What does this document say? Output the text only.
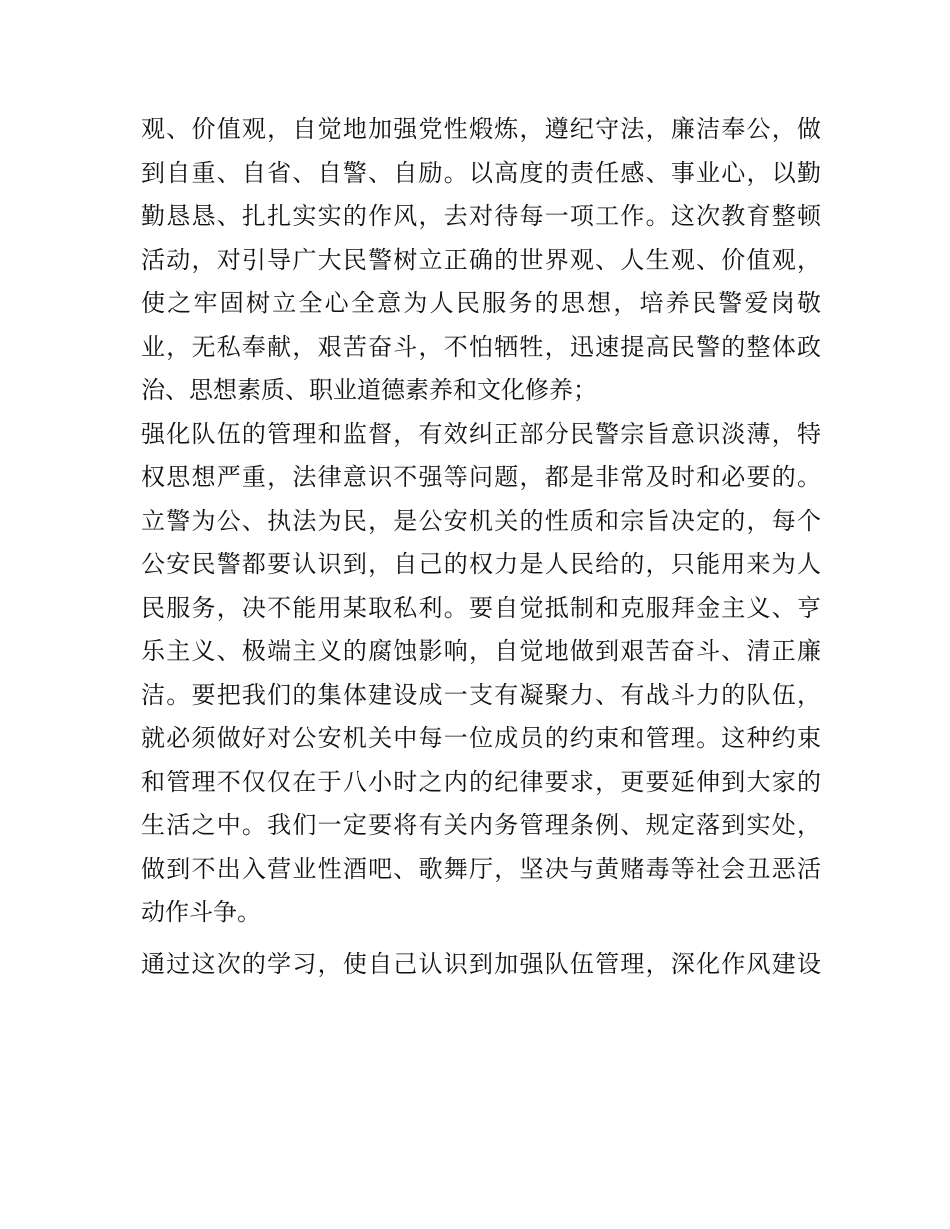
观、价值观，自觉地加强党性煅炼，遵纪守法，廉洁奉公，做
到自重、自省、自警、自励。以高度的责任感、事业心，以勤
勤恳恳、扎扎实实的作风，去对待每一项工作。这次教育整顿
活动，对引导广大民警树立正确的世界观、人生观、价值观，
使之牢固树立全心全意为人民服务的思想，培养民警爱岗敬
业，无私奉献，艰苦奋斗，不怕牺牲，迅速提高民警的整体政
治、思想素质、职业道德素养和文化修养；
强化队伍的管理和监督，有效纠正部分民警宗旨意识淡薄，特
权思想严重，法律意识不强等问题，都是非常及时和必要的。
立警为公、执法为民，是公安机关的性质和宗旨决定的，每个
公安民警都要认识到，自己的权力是人民给的，只能用来为人
民服务，决不能用某取私利。要自觉抵制和克服拜金主义、亨
乐主义、极端主义的腐蚀影响，自觉地做到艰苦奋斗、清正廉
洁。要把我们的集体建设成一支有凝聚力、有战斗力的队伍，
就必须做好对公安机关中每一位成员的约束和管理。这种约束
和管理不仅仅在于八小时之内的纪律要求，更要延伸到大家的
生活之中。我们一定要将有关内务管理条例、规定落到实处，
做到不出入营业性酒吧、歌舞厅，坚决与黄赌毒等社会丑恶活
动作斗争。
通过这次的学习，使自己认识到加强队伍管理，深化作风建设
